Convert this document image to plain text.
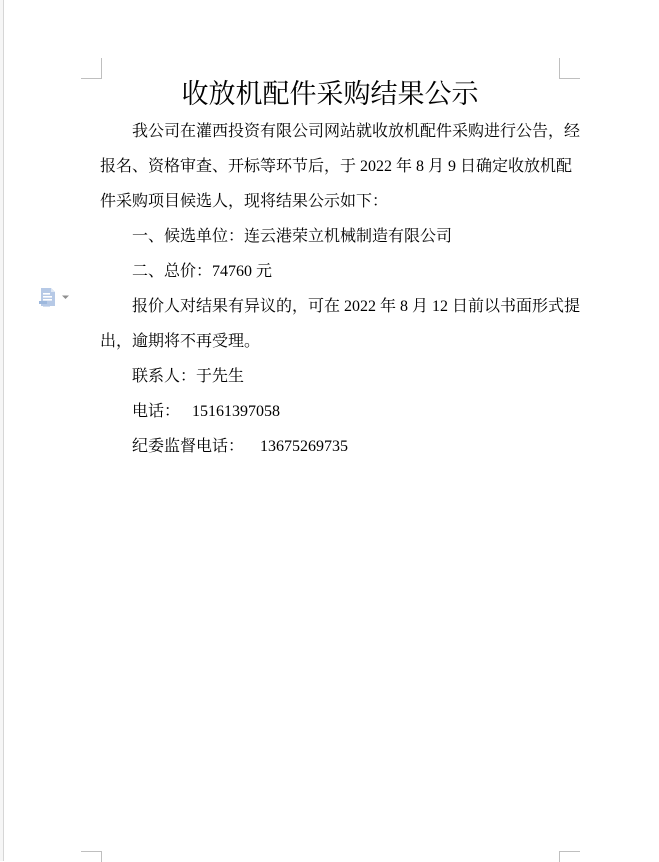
收放机配件采购结果公示

我公司在灌西投资有限公司网站就收放机配件采购进行公告，经

报名、资格审查、开标等环节后，于 2022 年 8 月 9 日确定收放机配

件采购项目候选人，现将结果公示如下：

一、候选单位：连云港荣立机械制造有限公司

二、总价：74760 元

报价人对结果有异议的，可在 2022 年 8 月 12 日前以书面形式提

出，逾期将不再受理。

联系人：于先生

电话：   15161397058

纪委监督电话：    13675269735
